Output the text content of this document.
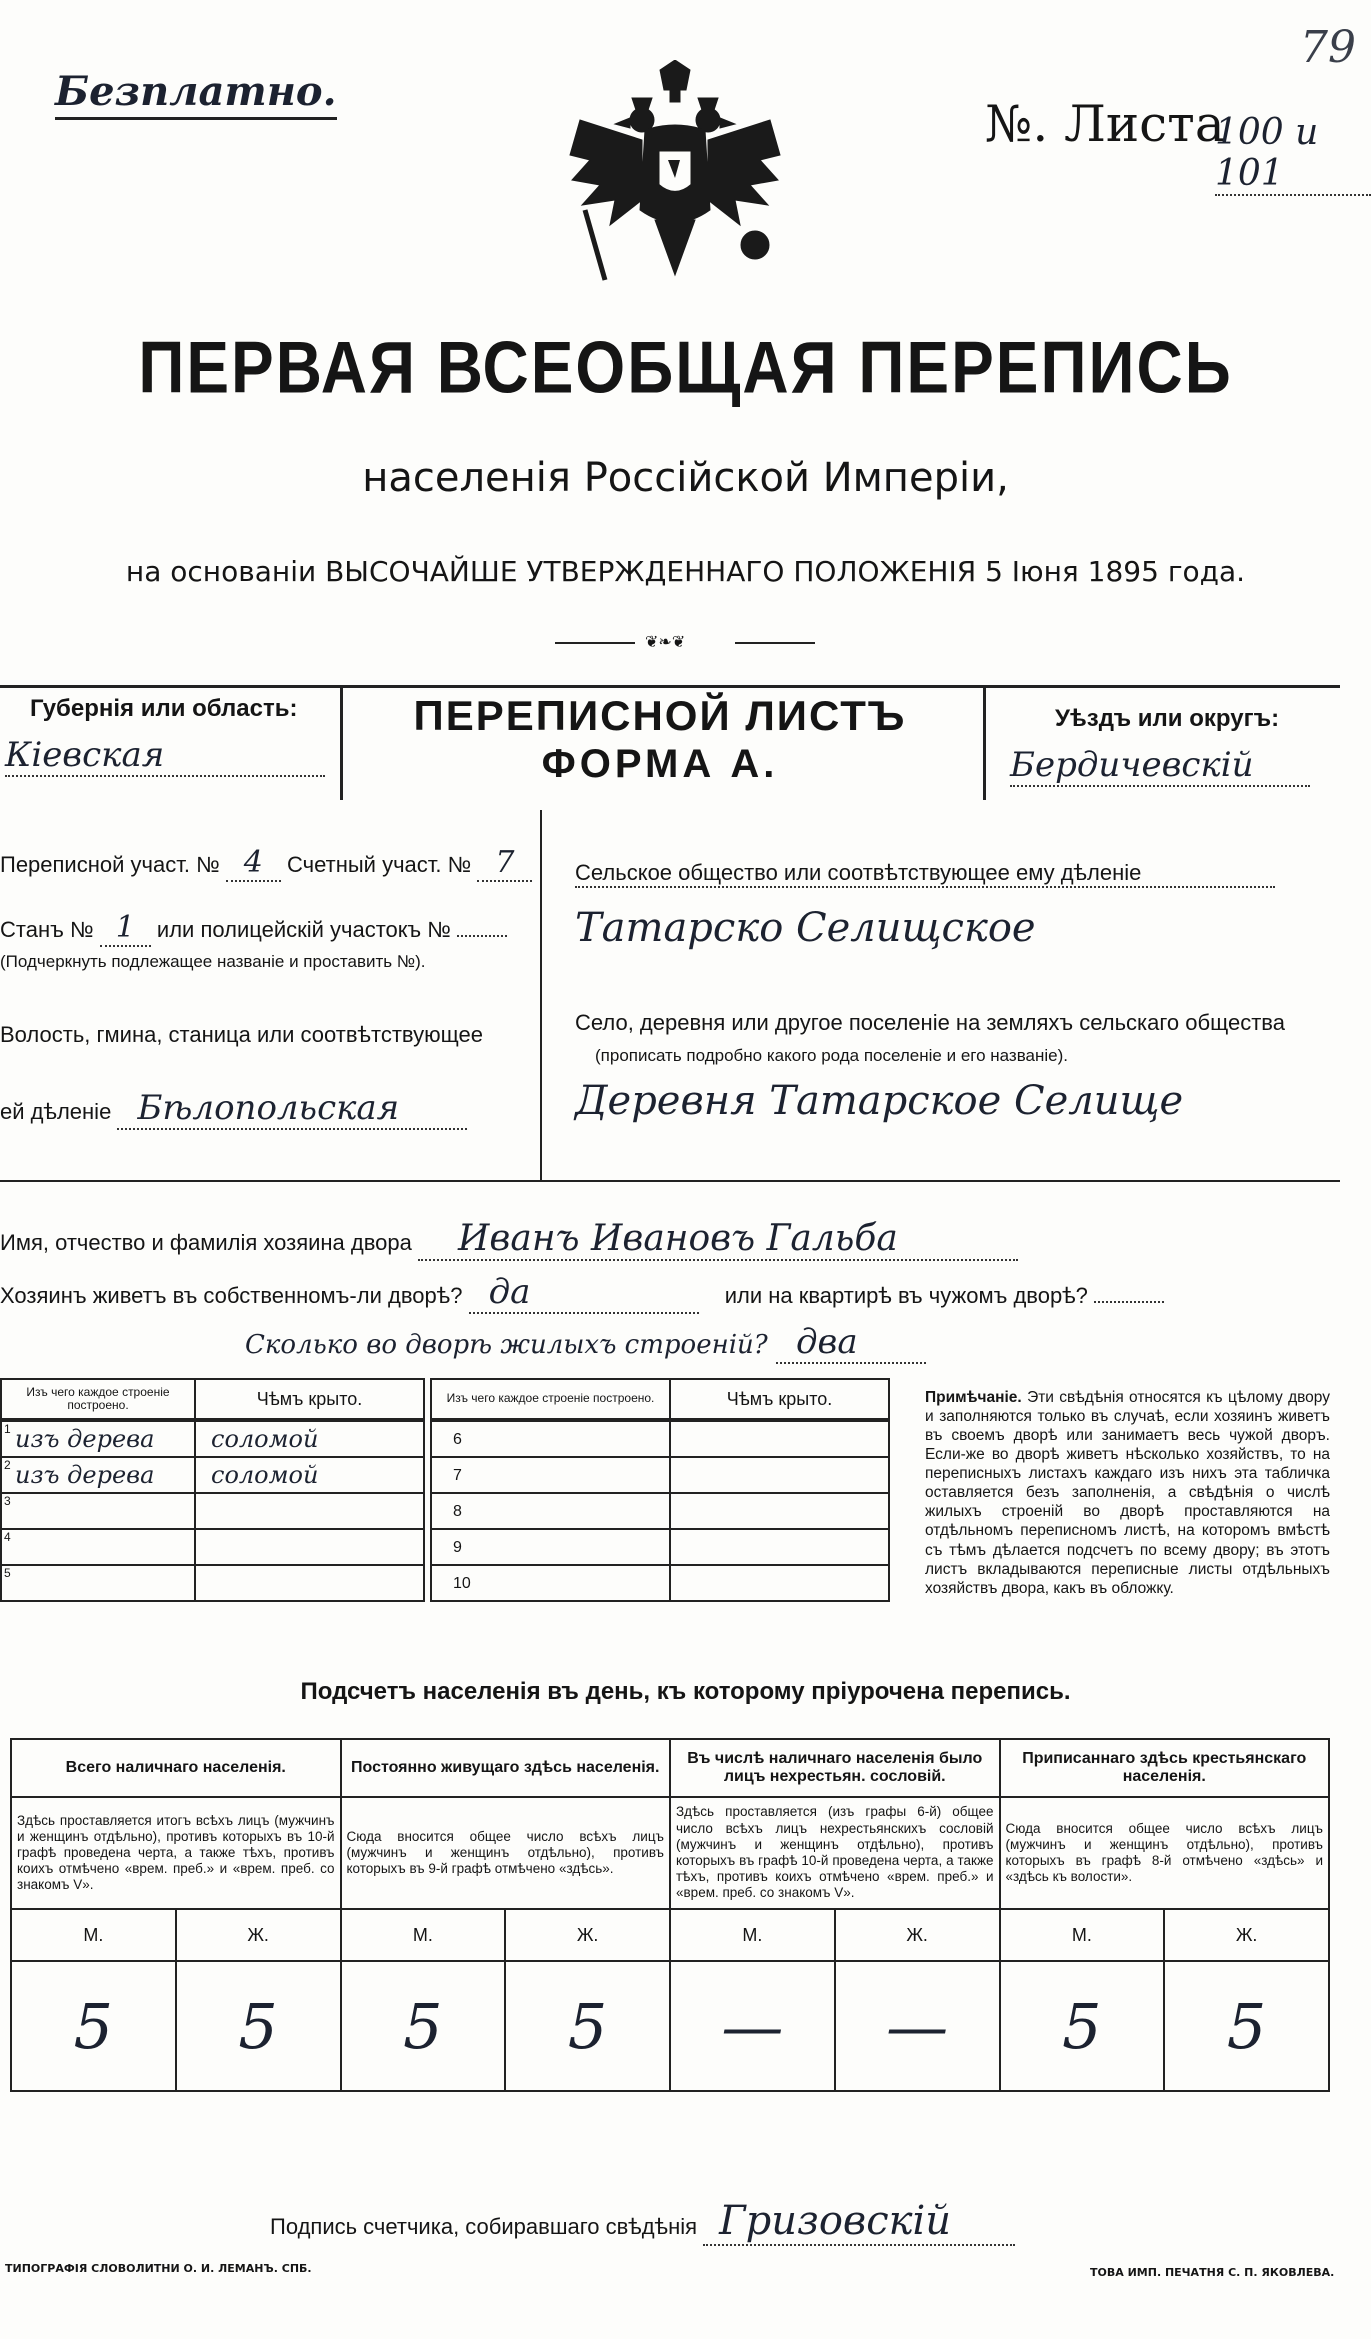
Безплатно.
79
№. Листа
100 и 101
ПЕРВАЯ ВСЕОБЩАЯ ПЕРЕПИСЬ
населенія Россійской Имперіи,
на основаніи ВЫСОЧАЙШЕ УТВЕРЖДЕННАГО ПОЛОЖЕНІЯ 5 Іюня 1895 года.
❦❧❦
Губернія или область:
Кіевская
ПЕРЕПИСНОЙ ЛИСТЪ
ФОРМА А.
Уѣздъ или округъ:
Бердичевскій
Переписной участ. № 4 Счетный участ. № 7
Станъ № 1 или полицейскій участокъ №
(Подчеркнуть подлежащее названіе и проставить №).
Волость, гмина, станица или соотвѣтствующее
ей дѣленіе Бѣлопольская
Сельское общество или соотвѣтствующее ему дѣленіе
Татарско Селищское
Село, деревня или другое поселеніе на земляхъ сельскаго общества
(прописать подробно какого рода поселеніе и его названіе).
Деревня Татарское Селище
Имя, отчество и фамилія хозяина двора Иванъ Ивановъ Гальба
Хозяинъ живетъ въ собственномъ-ли дворѣ? да	или на квартирѣ въ чужомъ дворѣ?
Сколько во дворѣ жилыхъ строеній? два
Изъ чего каждое строеніе построено.	Чѣмъ крыто.
1 изъ дерева	соломой

2 изъ дерева	соломой

3	

4	

5	

Изъ чего каждое строеніе построено.	Чѣмъ крыто.
6	
7	
8	
9	
10	
Примѣчаніе. Эти свѣдѣнія относятся къ цѣлому двору и заполняются только въ случаѣ, если хозяинъ живетъ въ своемъ дворѣ или занимаетъ весь чужой дворъ. Если-же во дворѣ живетъ нѣсколько хозяйствъ, то на переписныхъ листахъ каждаго изъ нихъ эта табличка оставляется безъ заполненія, а свѣдѣнія о числѣ жилыхъ строеній во дворѣ проставляются на отдѣльномъ переписномъ листѣ, на которомъ вмѣстѣ съ тѣмъ дѣлается подсчетъ по всему двору; въ этотъ листъ вкладываются переписные листы отдѣльныхъ хозяйствъ двора, какъ въ обложку.
Подсчетъ населенія въ день, къ которому пріурочена перепись.
Всего наличнаго населенія.		Постоянно живущаго здѣсь населенія.		Въ числѣ наличнаго населенія было лицъ нехрестьян. сословій.		Приписаннаго здѣсь крестьянскаго населенія.	
Здѣсь проставляется итогъ всѣхъ лицъ (мужчинъ и женщинъ отдѣльно), противъ которыхъ въ 10-й графѣ проведена черта, а также тѣхъ, противъ коихъ отмѣчено «врем. преб.» и «врем. преб. со знакомъ V».		Сюда вносится общее число всѣхъ лицъ (мужчинъ и женщинъ отдѣльно), противъ которыхъ въ 9-й графѣ отмѣчено «здѣсь».		Здѣсь проставляется (изъ графы 6-й) общее число всѣхъ лицъ нехрестьянскихъ сословій (мужчинъ и женщинъ отдѣльно), противъ которыхъ въ графѣ 10-й проведена черта, а также тѣхъ, противъ коихъ отмѣчено «врем. преб.» и «врем. преб. со знакомъ V».		Сюда вносится общее число всѣхъ лицъ (мужчинъ и женщинъ отдѣльно), противъ которыхъ въ графѣ 8-й отмѣчено «здѣсь» и «здѣсь къ волости».	
М.	Ж.	М.	Ж.	М.	Ж.	М.	Ж.
5	5	5	5	—	—	5	5
Подпись счетчика, собиравшаго свѣдѣнія Гризовскій
ТИПОГРАФІЯ СЛОВОЛИТНИ О. И. ЛЕМАНЪ. СПБ.	ТОВА ИМП. ПЕЧАТНЯ С. П. ЯКОВЛЕВА.
